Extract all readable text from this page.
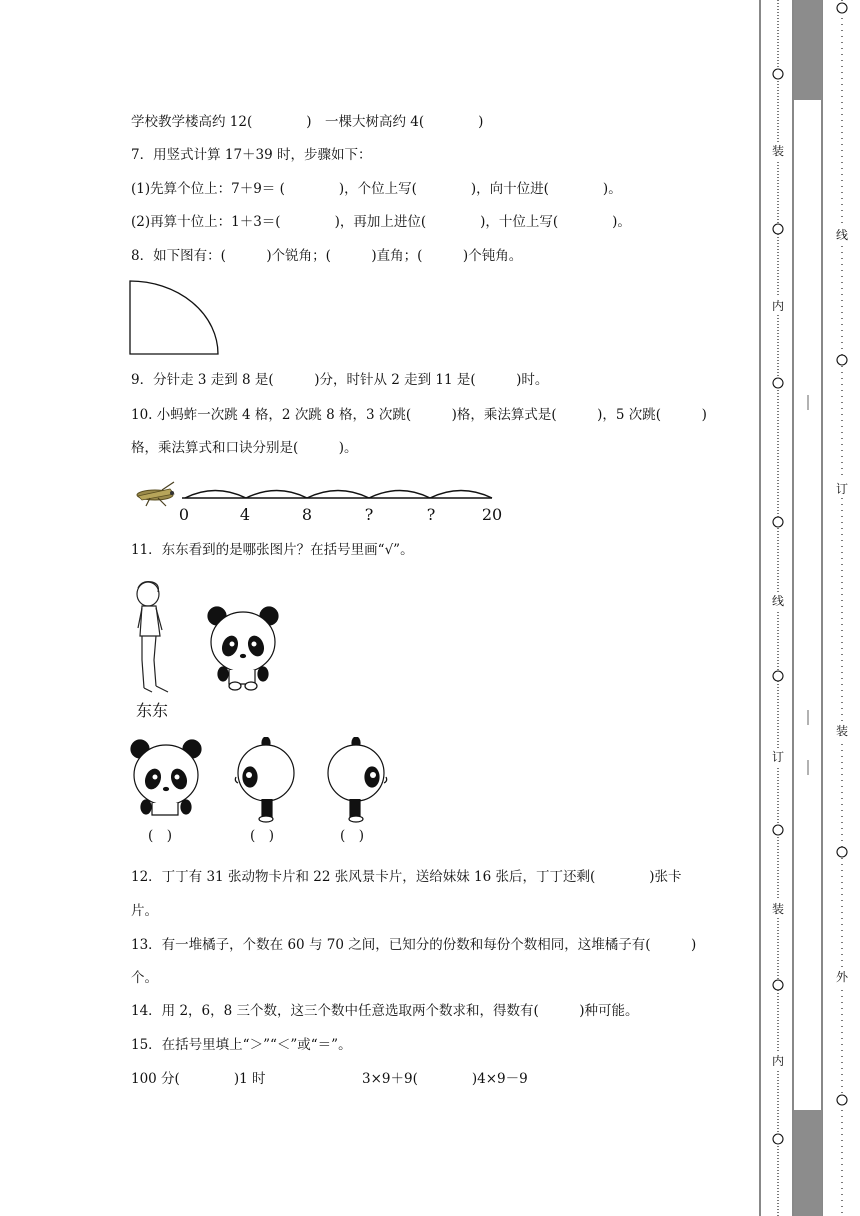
学校教学楼高约 12(　　　　)　一棵大树高约 4(　　　　)
7．用竖式计算 17＋39 时，步骤如下：
(1)先算个位上：7＋9＝ (　　　　)，个位上写(　　　　)，向十位进(　　　　)。
(2)再算十位上：1＋3＝(　　　　)，再加上进位(　　　　)，十位上写(　　　　)。
8．如下图有：(　　　)个锐角；(　　　)直角；(　　　)个钝角。
9．分针走 3 走到 8 是(　　　)分，时针从 2 走到 11 是(　　　)时。
10. 小蚂蚱一次跳 4 格，2 次跳 8 格，3 次跳(　　　)格，乘法算式是(　　　)，5 次跳(　　　)
格，乘法算式和口诀分别是(　　　)。
0	4	8	?	?	20
11．东东看到的是哪张图片？在括号里画“√”。
东东
(　)	(　)	(　)
12．丁丁有 31 张动物卡片和 22 张风景卡片，送给妹妹 16 张后，丁丁还剩(　　　　)张卡
片。
13．有一堆橘子，个数在 60 与 70 之间，已知分的份数和每份个数相同，这堆橘子有(　　　)
个。
14．用 2，6，8 三个数，这三个数中任意选取两个数求和，得数有(　　　)种可能。
15．在括号里填上“＞”“＜”或“＝”。
100 分(　　　　)1 时	3×9＋9(　　　　)4×9－9
装
内
线
订
装
内
线
订
装
外
